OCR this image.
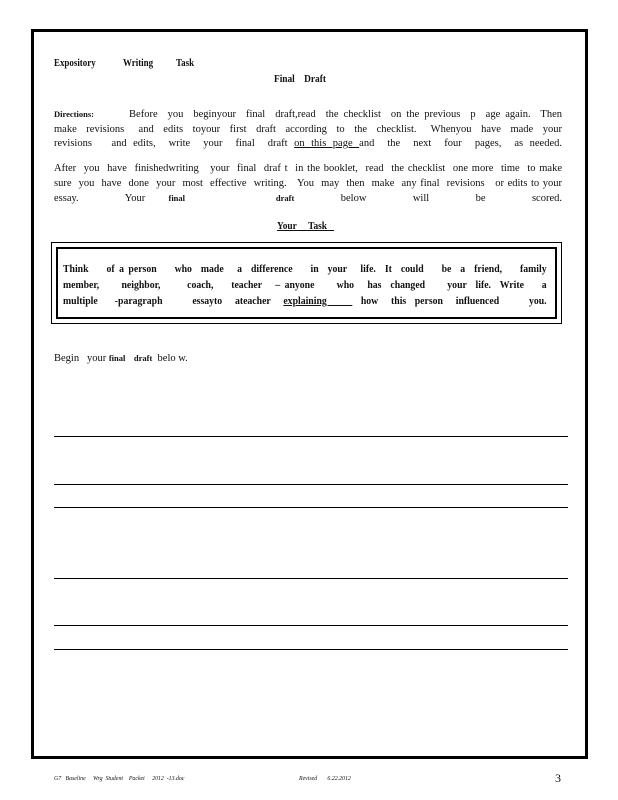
Expository	Writing Task
Final    Draft
Directions:	Before  you  beginyour  final  draft,read  the checklist  on the previous  p  age again.  Then
make  revisions   and  edits  toyour  first  draft  according  to  the  checklist.   Whenyou  have  made  your
revisions   and edits,  write  your  final  draft on this page and  the  next  four  pages,  as needed.
After  you  have  finishedwriting   your  final  draf t  in the booklet,  read  the checklist  one more  time  to make
sure  you  have  done  your  most  effective  writing.   You  may  then  make  any final  revisions   or edits to your
essay.  Your final    draft  below  will  be  scored.
Your     Task
Think    of a person    who  made   a  difference    in  your   life.  It  could    be  a  friend,    family
member,     neighbor,      coach,    teacher   – anyone     who   has  changed     your  life.  Write    a
multiple    -paragraph       essayto   ateacher   explaining        how   this  person   influenced       you.
Begin   your final    draft  belo w.
G7   Baseline     Wrg  Student    Packet     2012  -13.doc	Revised       6.22.2012	3
